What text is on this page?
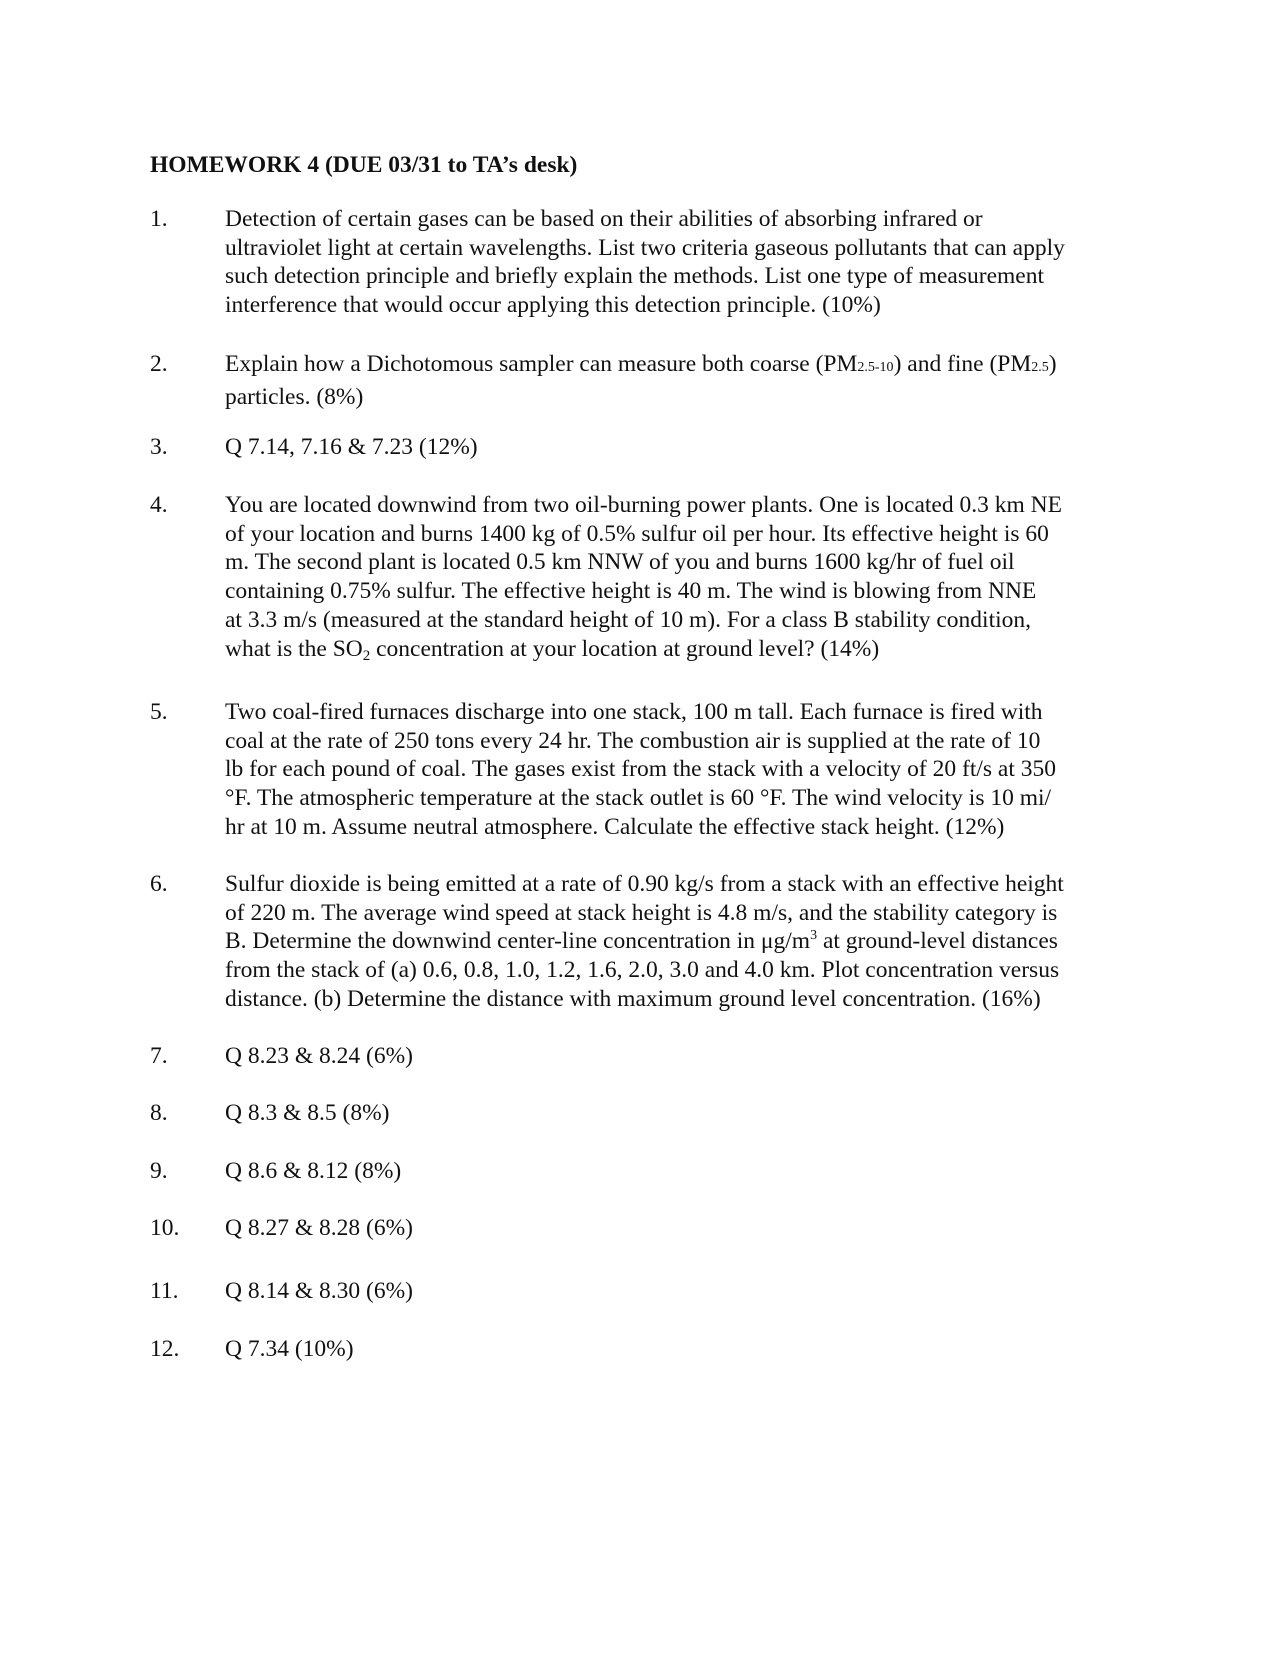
HOMEWORK 4 (DUE 03/31 to TA’s desk)
1. Detection of certain gases can be based on their abilities of absorbing infrared or
ultraviolet light at certain wavelengths. List two criteria gaseous pollutants that can apply
such detection principle and briefly explain the methods. List one type of measurement
interference that would occur applying this detection principle. (10%)
2. Explain how a Dichotomous sampler can measure both coarse (PM2.5-10) and fine (PM2.5)
particles. (8%)
3. Q 7.14, 7.16 & 7.23 (12%)
4. You are located downwind from two oil-burning power plants. One is located 0.3 km NE
of your location and burns 1400 kg of 0.5% sulfur oil per hour. Its effective height is 60
m. The second plant is located 0.5 km NNW of you and burns 1600 kg/hr of fuel oil
containing 0.75% sulfur. The effective height is 40 m. The wind is blowing from NNE
at 3.3 m/s (measured at the standard height of 10 m). For a class B stability condition,
what is the $SO_2$ concentration at your location at ground level? (14%)
5. Two coal-fired furnaces discharge into one stack, 100 m tall. Each furnace is fired with
coal at the rate of 250 tons every 24 hr. The combustion air is supplied at the rate of 10
lb for each pound of coal. The gases exist from the stack with a velocity of 20 ft/s at 350
°F. The atmospheric temperature at the stack outlet is 60 °F. The wind velocity is 10 mi/
hr at 10 m. Assume neutral atmosphere. Calculate the effective stack height. (12%)
6. Sulfur dioxide is being emitted at a rate of 0.90 kg/s from a stack with an effective height
of 220 m. The average wind speed at stack height is 4.8 m/s, and the stability category is
B. Determine the downwind center-line concentration in $\mu g/m^3$ at ground-level distances
from the stack of (a) 0.6, 0.8, 1.0, 1.2, 1.6, 2.0, 3.0 and 4.0 km. Plot concentration versus
distance. (b) Determine the distance with maximum ground level concentration. (16%)
7. Q 8.23 & 8.24 (6%)
8. Q 8.3 & 8.5 (8%)
9. Q 8.6 & 8.12 (8%)
10. Q 8.27 & 8.28 (6%)
11. Q 8.14 & 8.30 (6%)
12. Q 7.34 (10%)
